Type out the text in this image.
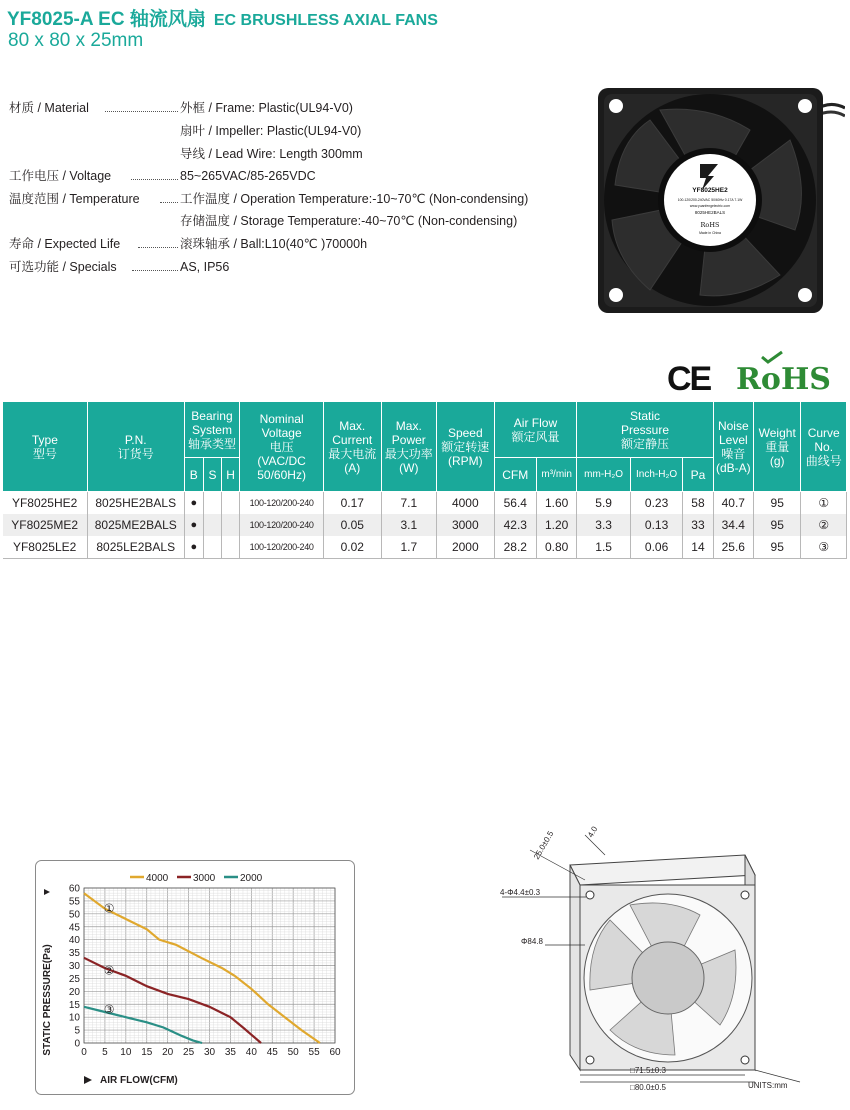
YF8025-A EC 轴流风扇 EC BRUSHLESS AXIAL FANS
80 x 80 x 25mm
材质 / Material	外框 / Frame: Plastic(UL94-V0)
扇叶 / Impeller: Plastic(UL94-V0)
导线 / Lead Wire: Length 300mm
工作电压 / Voltage	85~265VAC/85-265VDC
温度范围 / Temperature	工作温度 / Operation Temperature:-10~70℃ (Non-condensing)
存储温度 / Storage Temperature:-40~70℃ (Non-condensing)
寿命 / Expected Life	滚珠轴承 / Ball:L10(40℃ )70000h
可选功能 / Specials	AS, IP56
YF8025HE2
100-120/200-240VAC 50/60Hz 0.17A 7.1W
www.yuanfengelectric.com
8025HE2BALS
RoHS
Made in China
CE RoHS
Type
型号	P.N.
订货号	Bearing
System
轴承类型			Nominal
Voltage
电压
(VAC/DC
50/60Hz)	Max.
Current
最大电流
(A)	Max.
Power
最大功率
(W)	Speed
额定转速
(RPM)	Air Flow
额定风量		Static
Pressure
额定静压			Noise
Level
噪音
(dB-A)	Weight
重量
(g)	Curve
No.
曲线号
		B	S	H					CFM	m³/min	mm-H₂O	Inch-H₂O	Pa			
YF8025HE2	8025HE2BALS	●			100-120/200-240	0.17	7.1	4000	56.4	1.60	5.9	0.23	58	40.7	95	①
YF8025ME2	8025ME2BALS	●			100-120/200-240	0.05	3.1	3000	42.3	1.20	3.3	0.13	33	34.4	95	②
YF8025LE2	8025LE2BALS	●			100-120/200-240	0.02	1.7	2000	28.2	0.80	1.5	0.06	14	25.6	95	③
0 5 10 15 20 25 30 35 40 45 50 55 60
0
5
10
15
20
25
30
35
40
45
50
55
60
①
②
③
4000 3000 2000
STATIC PRESSURE(Pa)
AIR FLOW(CFM)
25.0±0.5	4.0
4-Φ4.4±0.3
Φ84.8
□71.5±0.3
□80.0±0.5	UNITS:mm
